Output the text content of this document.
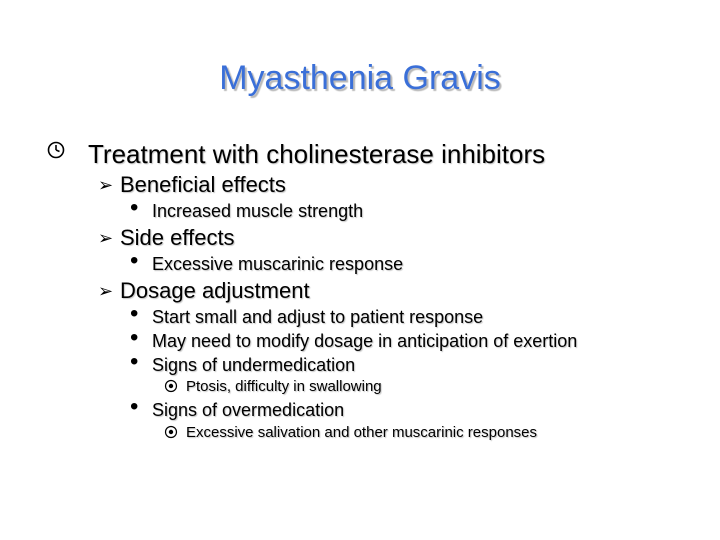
Myasthenia Gravis
Treatment with cholinesterase inhibitors
➢ Beneficial effects
• Increased muscle strength
➢ Side effects
• Excessive muscarinic response
➢ Dosage adjustment
• Start small and adjust to patient response
• May need to modify dosage in anticipation of exertion
• Signs of undermedication
Ptosis, difficulty in swallowing
• Signs of overmedication
Excessive salivation and other muscarinic responses
